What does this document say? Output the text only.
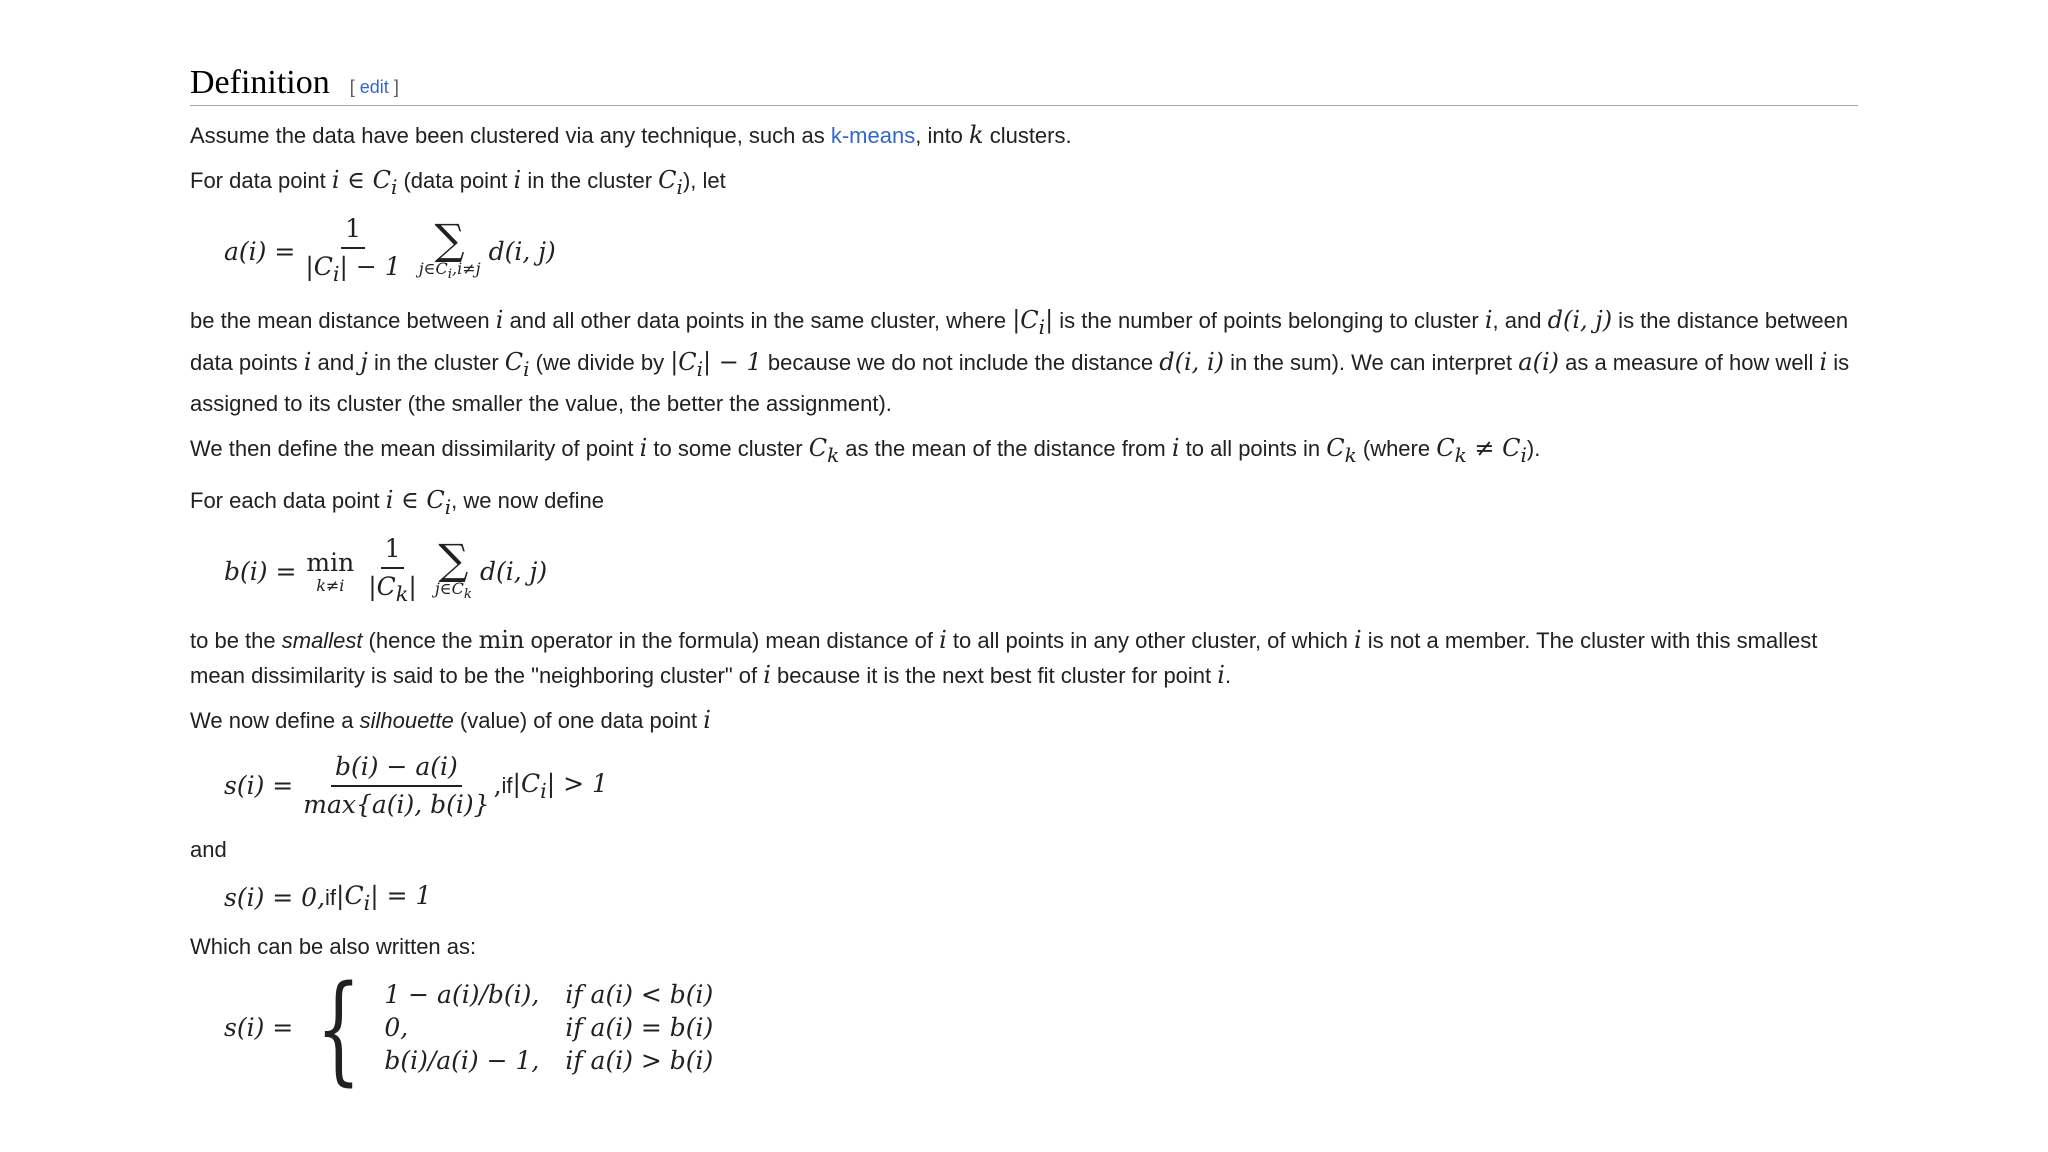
Definition [ edit ]

Assume the data have been clustered via any technique, such as k-means, into k clusters.

For data point i ∈ $C_i$ (data point i in the cluster $C_i$), let

$a(i) = \frac{1}{|C_i| - 1}$ ∑
$j\in C_i,i\ne j$
d(i, j)

be the mean distance between i and all other data points in the same cluster, where $|C_i|$ is the number of points belonging to cluster i, and d(i, j) is the distance between data points i and j in the cluster $C_i$ (we divide by $|C_i| - 1$ because we do not include the distance d(i, i) in the sum). We can interpret a(i) as a measure of how well i is assigned to its cluster (the smaller the value, the better the assignment).

We then define the mean dissimilarity of point i to some cluster $C_k$ as the mean of the distance from i to all points in $C_k$ (where $C_k \ne C_i$).

For each data point i ∈ $C_i$, we now define

b(i) = min
$k\ne i \frac{1}{|C_k|}$ ∑
$j\in C_k$
d(i, j)

to be the smallest (hence the min operator in the formula) mean distance of i to all points in any other cluster, of which i is not a member. The cluster with this smallest mean dissimilarity is said to be the "neighboring cluster" of i because it is the next best fit cluster for point i.

We now define a silhouette (value) of one data point i

$s(i) = \frac{b(i) - a(i)}{\max\{a(i), b(i)\}}$ , if $|C_i| > 1$

and

s(i) = 0, if $|C_i| = 1$

Which can be also written as:

s(i) = { 1 − a(i)/b(i),	if a(i) < b(i)
0,	if a(i) = b(i)
b(i)/a(i) − 1,	if a(i) > b(i)
